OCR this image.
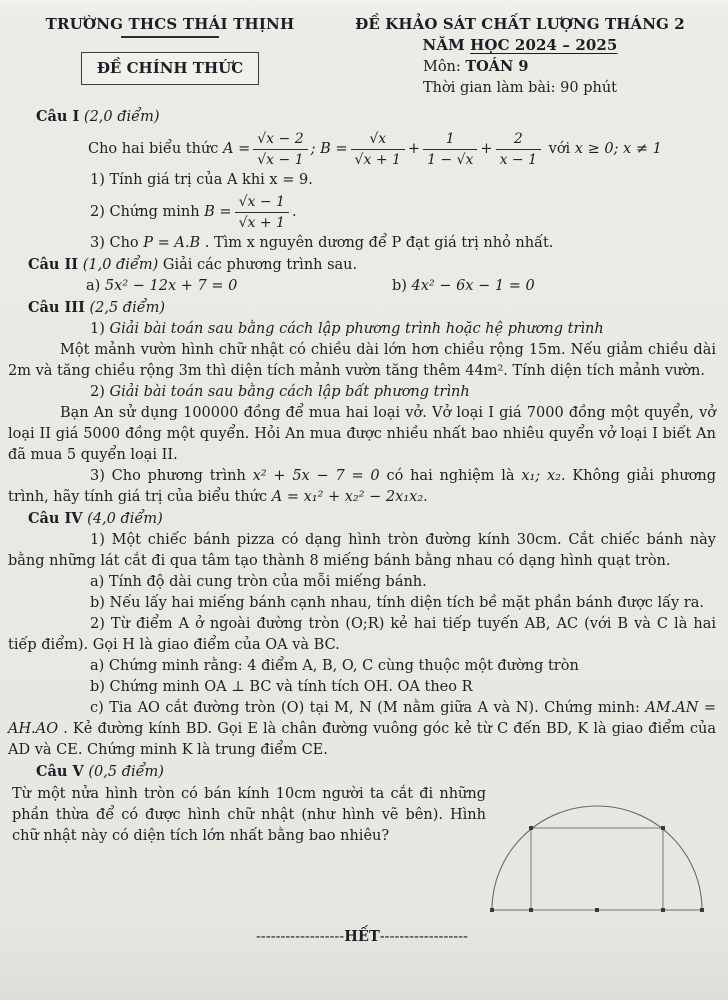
TRƯỜNG THCS THÁI THỊNH
ĐỀ CHÍNH THỨC
ĐỀ KHẢO SÁT CHẤT LƯỢNG THÁNG 2
NĂM HỌC 2024 – 2025
Môn: TOÁN 9
Thời gian làm bài: 90 phút

Câu I (2,0 điểm)

Cho hai biểu thức $A = \frac{√x - 2}{√x - 1}$ ; $B = \frac{√x}{√x + 1} + \frac{1}{1 - √x} + \frac{2}{x - 1}$ với x ≥ 0; x ≠ 1

1) Tính giá trị của A khi x = 9.

2) Chứng minh $B = \frac{√x - 1}{√x + 1}$ .

3) Cho P = A.B . Tìm x nguyên dương để P đạt giá trị nhỏ nhất.

Câu II (1,0 điểm) Giải các phương trình sau.

a) 5x² − 12x + 7 = 0	b) 4x² − 6x − 1 = 0

Câu III (2,5 điểm)

1) Giải bài toán sau bằng cách lập phương trình hoặc hệ phương trình

Một mảnh vườn hình chữ nhật có chiều dài lớn hơn chiều rộng 15m. Nếu giảm chiều dài 2m và tăng chiều rộng 3m thì diện tích mảnh vườn tăng thêm 44m². Tính diện tích mảnh vườn.

2) Giải bài toán sau bằng cách lập bất phương trình

Bạn An sử dụng 100000 đồng để mua hai loại vở. Vở loại I giá 7000 đồng một quyển, vở loại II giá 5000 đồng một quyển. Hỏi An mua được nhiều nhất bao nhiêu quyển vở loại I biết An đã mua 5 quyển loại II.

3) Cho phương trình x² + 5x − 7 = 0 có hai nghiệm là x₁; x₂. Không giải phương trình, hãy tính giá trị của biểu thức A = x₁² + x₂² − 2x₁x₂.

Câu IV (4,0 điểm)

1) Một chiếc bánh pizza có dạng hình tròn đường kính 30cm. Cắt chiếc bánh này bằng những lát cắt đi qua tâm tạo thành 8 miếng bánh bằng nhau có dạng hình quạt tròn.

a) Tính độ dài cung tròn của mỗi miếng bánh.

b) Nếu lấy hai miếng bánh cạnh nhau, tính diện tích bề mặt phần bánh được lấy ra.

2) Từ điểm A ở ngoài đường tròn (O;R) kẻ hai tiếp tuyến AB, AC (với B và C là hai tiếp điểm). Gọi H là giao điểm của OA và BC.

a) Chứng minh rằng: 4 điểm A, B, O, C cùng thuộc một đường tròn

b) Chứng minh OA ⊥ BC và tính tích OH. OA theo R

c) Tia AO cắt đường tròn (O) tại M, N (M nằm giữa A và N). Chứng minh: AM.AN = AH.AO . Kẻ đường kính BD. Gọi E là chân đường vuông góc kẻ từ C đến BD, K là giao điểm của AD và CE. Chứng minh K là trung điểm CE.

Câu V (0,5 điểm)

Từ một nửa hình tròn có bán kính 10cm người ta cắt đi những phần thừa để có được hình chữ nhật (như hình vẽ bên). Hình chữ nhật này có diện tích lớn nhất bằng bao nhiêu?
------------------HẾT------------------
